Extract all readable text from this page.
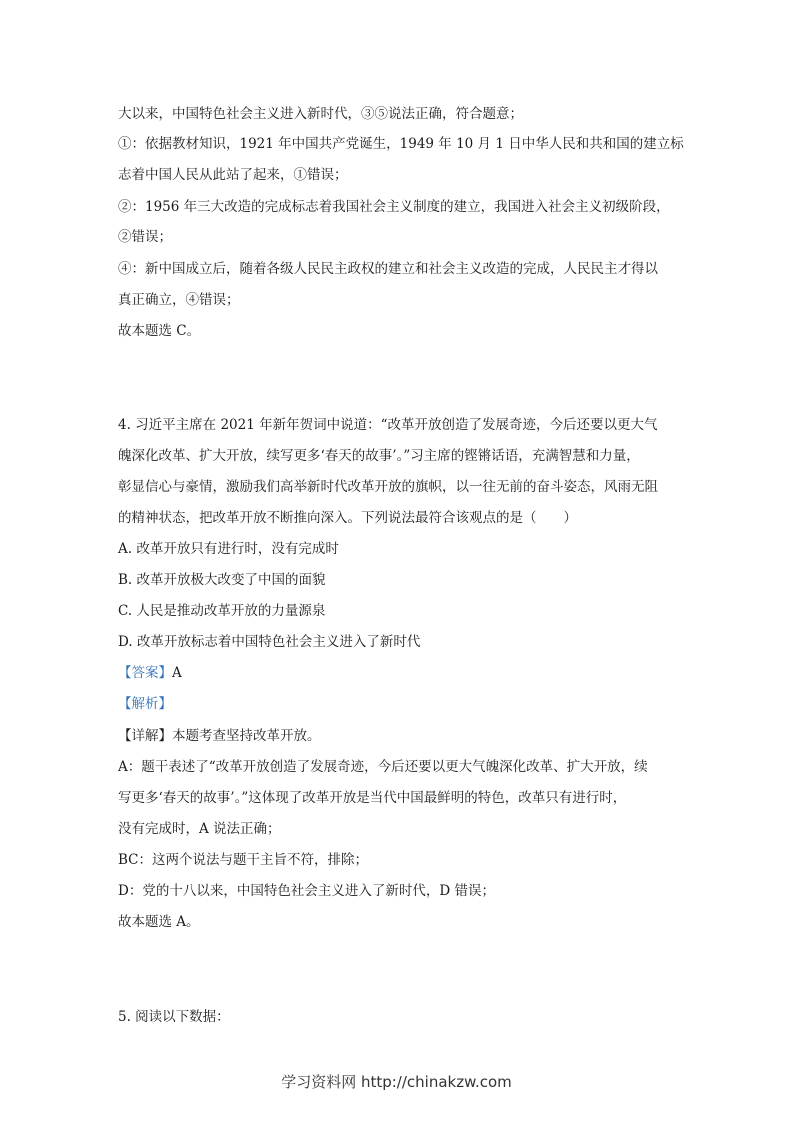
大以来，中国特色社会主义进入新时代，③⑤说法正确，符合题意；
①：依据教材知识，1921 年中国共产党诞生，1949 年 10 月 1 日中华人民和共和国的建立标
志着中国人民从此站了起来，①错误；
②：1956 年三大改造的完成标志着我国社会主义制度的建立，我国进入社会主义初级阶段，
②错误；
④：新中国成立后，随着各级人民民主政权的建立和社会主义改造的完成，人民民主才得以
真正确立，④错误；
故本题选 C。
4. 习近平主席在 2021 年新年贺词中说道：“改革开放创造了发展奇迹，今后还要以更大气
魄深化改革、扩大开放，续写更多‘春天的故事’。”习主席的铿锵话语，充满智慧和力量，
彰显信心与豪情，激励我们高举新时代改革开放的旗帜，以一往无前的奋斗姿态，风雨无阻
的精神状态，把改革开放不断推向深入。下列说法最符合该观点的是（　　）
A. 改革开放只有进行时，没有完成时
B. 改革开放极大改变了中国的面貌
C. 人民是推动改革开放的力量源泉
D. 改革开放标志着中国特色社会主义进入了新时代
【答案】A
【解析】
【详解】本题考查坚持改革开放。
A：题干表述了“改革开放创造了发展奇迹，今后还要以更大气魄深化改革、扩大开放，续
写更多‘春天的故事’。”这体现了改革开放是当代中国最鲜明的特色，改革只有进行时，
没有完成时，A 说法正确；
BC：这两个说法与题干主旨不符，排除；
D：党的十八以来，中国特色社会主义进入了新时代，D 错误；
故本题选 A。
5. 阅读以下数据：
学习资料网 http://chinakzw.com
